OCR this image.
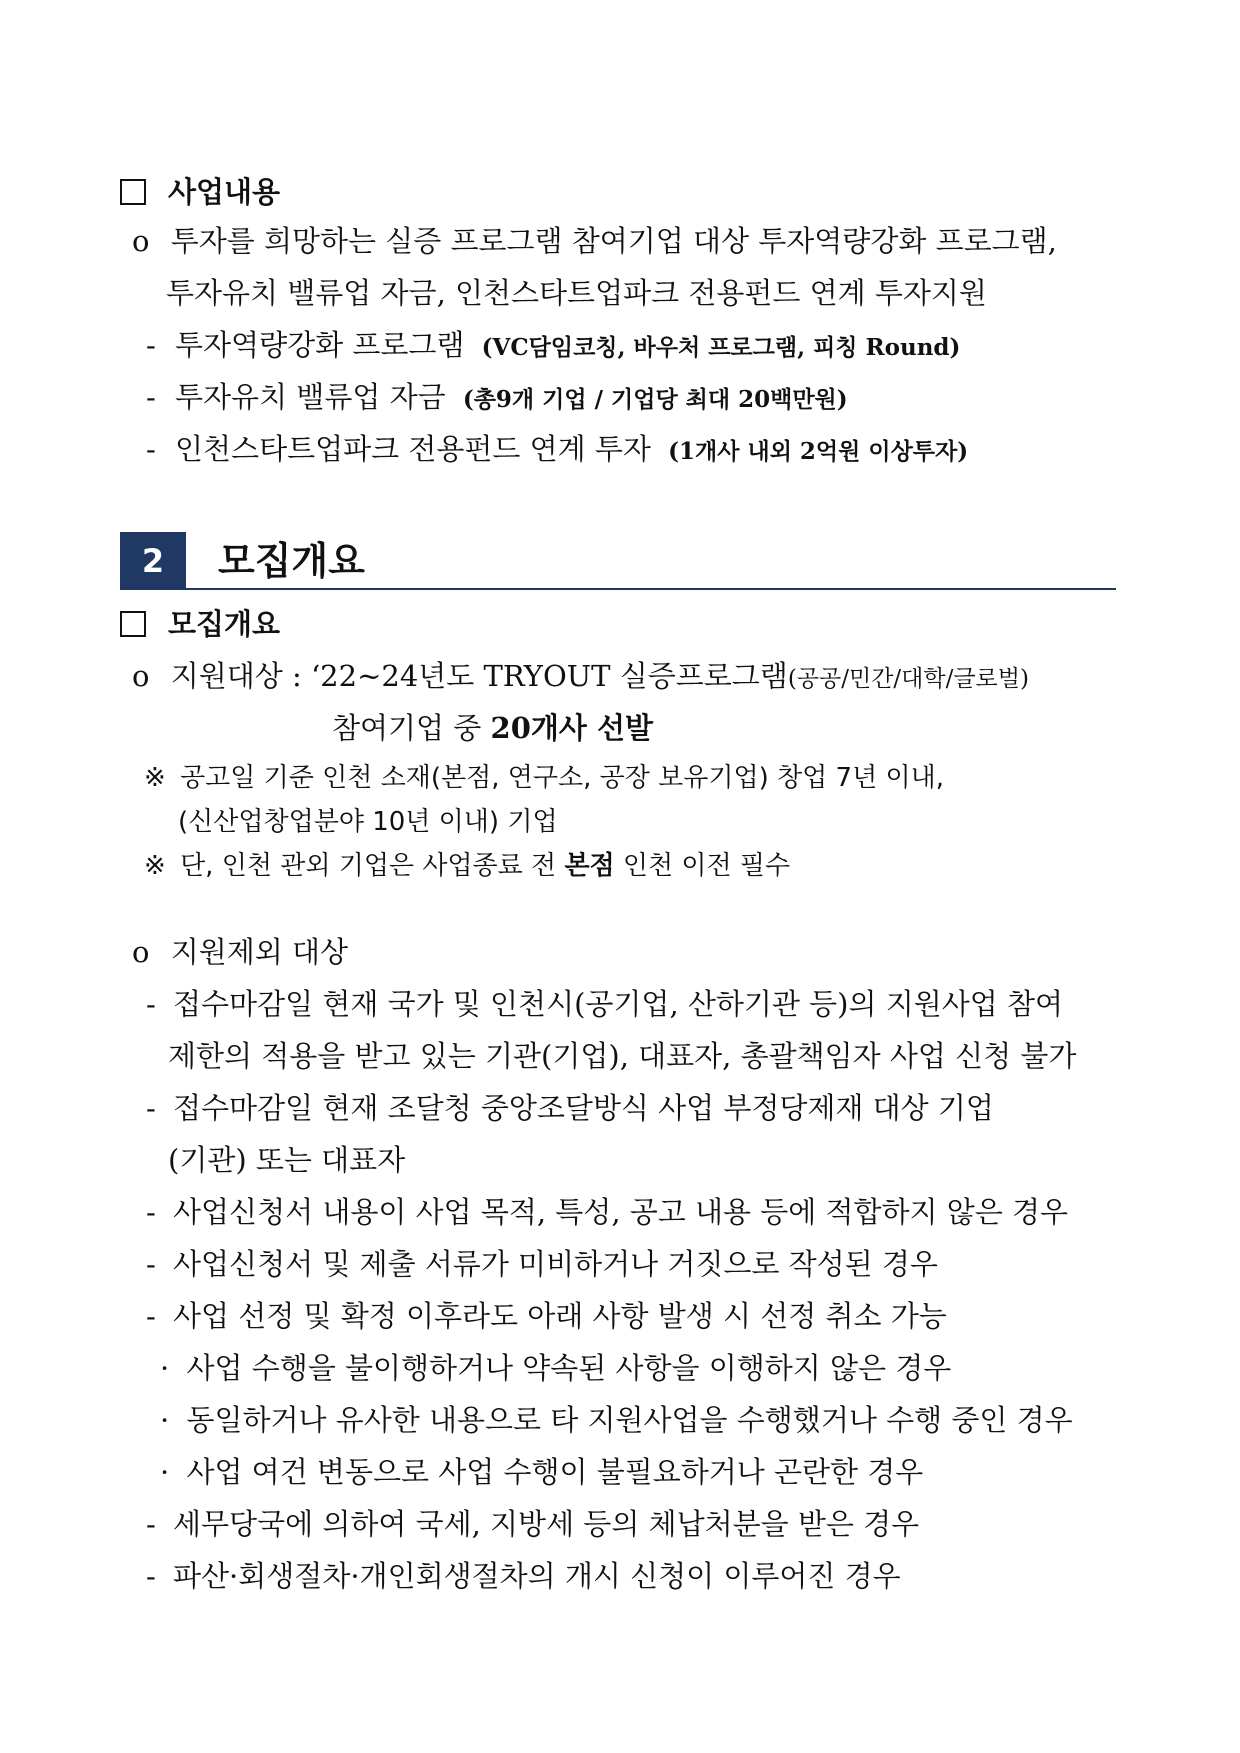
사업내용
o 투자를 희망하는 실증 프로그램 참여기업 대상 투자역량강화 프로그램,
투자유치 밸류업 자금, 인천스타트업파크 전용펀드 연계 투자지원
- 투자역량강화 프로그램 (VC담임코칭, 바우처 프로그램, 피칭 Round)
- 투자유치 밸류업 자금 (총9개 기업 / 기업당 최대 20백만원)
- 인천스타트업파크 전용펀드 연계 투자 (1개사 내외 2억원 이상투자)
2	모집개요
모집개요
o 지원대상 : ‘22~24년도 TRYOUT 실증프로그램(공공/민간/대학/글로벌)
참여기업 중 20개사 선발
※ 공고일 기준 인천 소재(본점, 연구소, 공장 보유기업) 창업 7년 이내,
(신산업창업분야 10년 이내) 기업
※ 단, 인천 관외 기업은 사업종료 전 본점 인천 이전 필수
o 지원제외 대상
- 접수마감일 현재 국가 및 인천시(공기업, 산하기관 등)의 지원사업 참여
제한의 적용을 받고 있는 기관(기업), 대표자, 총괄책임자 사업 신청 불가
- 접수마감일 현재 조달청 중앙조달방식 사업 부정당제재 대상 기업
(기관) 또는 대표자
- 사업신청서 내용이 사업 목적, 특성, 공고 내용 등에 적합하지 않은 경우
- 사업신청서 및 제출 서류가 미비하거나 거짓으로 작성된 경우
- 사업 선정 및 확정 이후라도 아래 사항 발생 시 선정 취소 가능
· 사업 수행을 불이행하거나 약속된 사항을 이행하지 않은 경우
· 동일하거나 유사한 내용으로 타 지원사업을 수행했거나 수행 중인 경우
· 사업 여건 변동으로 사업 수행이 불필요하거나 곤란한 경우
- 세무당국에 의하여 국세, 지방세 등의 체납처분을 받은 경우
- 파산·회생절차·개인회생절차의 개시 신청이 이루어진 경우
